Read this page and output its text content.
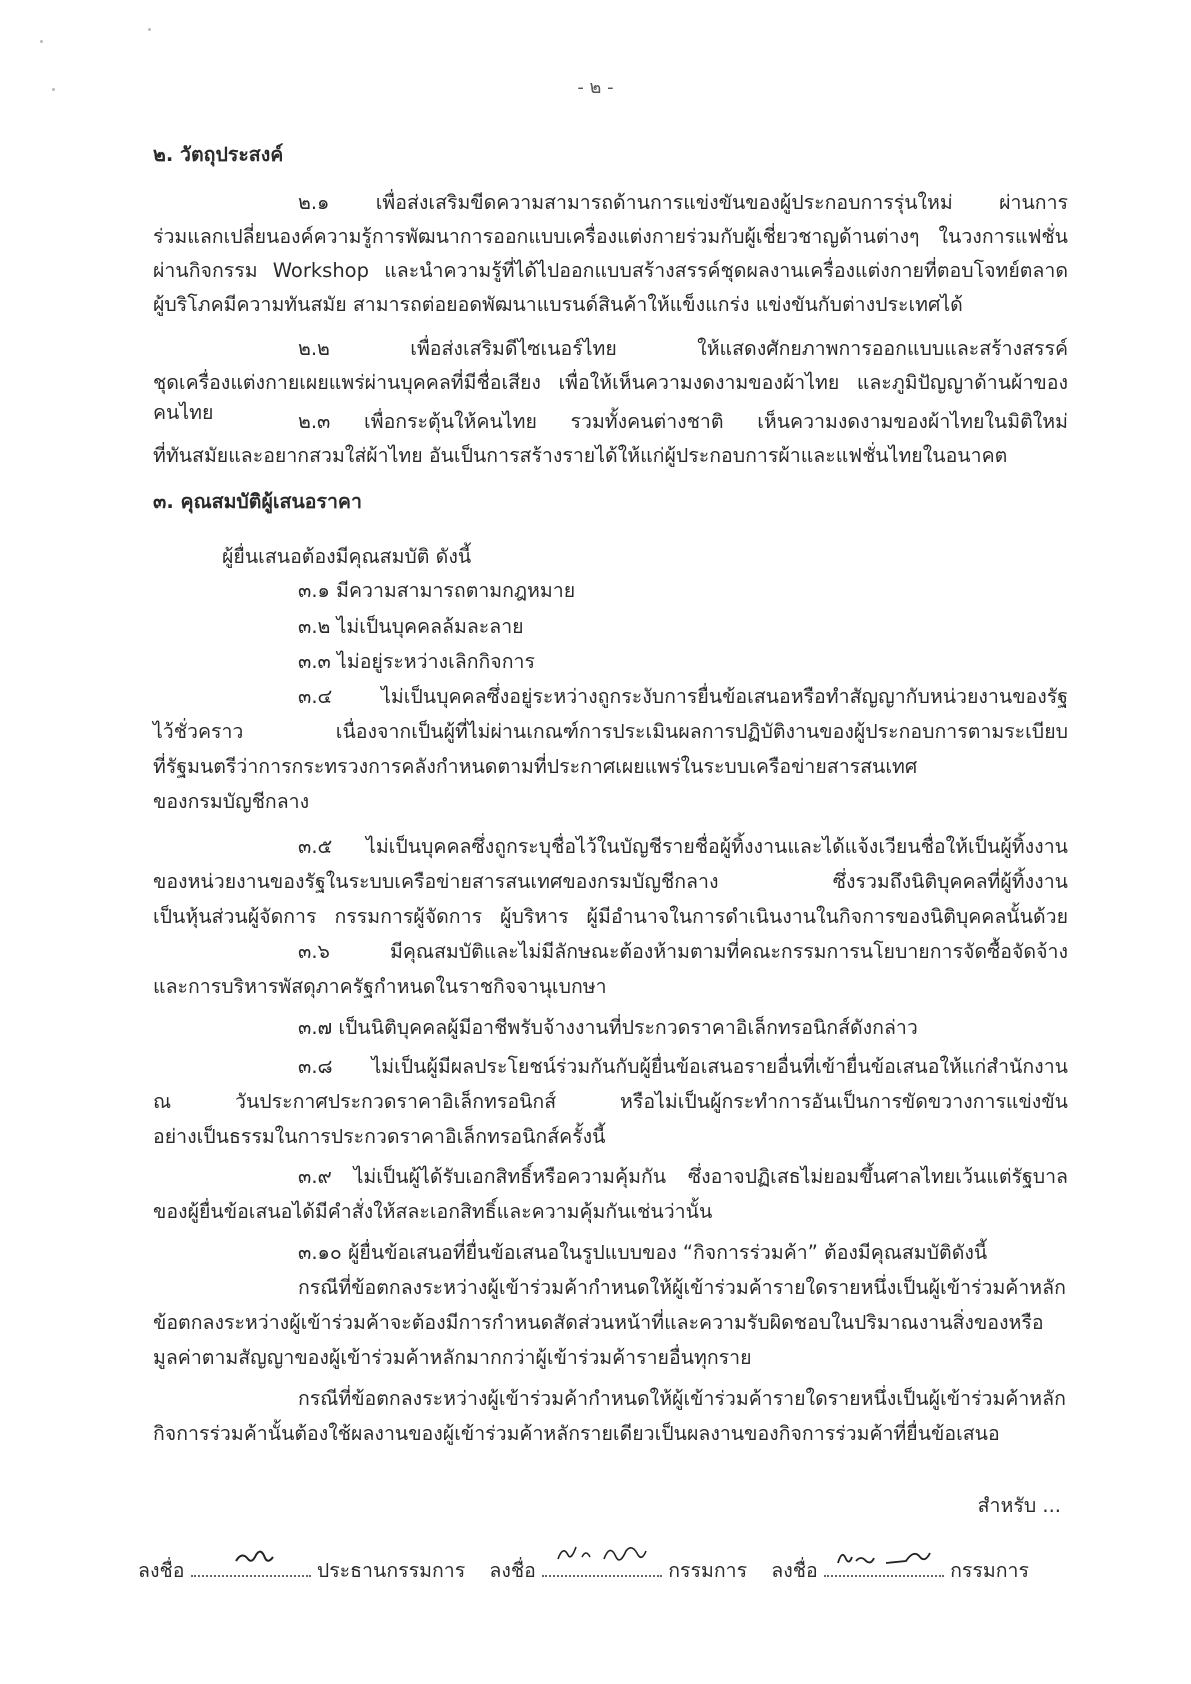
- ๒ -
๒. วัตถุประสงค์
๒.๑ เพื่อส่งเสริมขีดความสามารถด้านการแข่งขันของผู้ประกอบการรุ่นใหม่ ผ่านการ
ร่วมแลกเปลี่ยนองค์ความรู้การพัฒนาการออกแบบเครื่องแต่งกายร่วมกับผู้เชี่ยวชาญด้านต่างๆ ในวงการแฟชั่น
ผ่านกิจกรรม Workshop และนำความรู้ที่ได้ไปออกแบบสร้างสรรค์ชุดผลงานเครื่องแต่งกายที่ตอบโจทย์ตลาด
ผู้บริโภคมีความทันสมัย สามารถต่อยอดพัฒนาแบรนด์สินค้าให้แข็งแกร่ง แข่งขันกับต่างประเทศได้
๒.๒ เพื่อส่งเสริมดีไซเนอร์ไทย ให้แสดงศักยภาพการออกแบบและสร้างสรรค์
ชุดเครื่องแต่งกายเผยแพร่ผ่านบุคคลที่มีชื่อเสียง เพื่อให้เห็นความงดงามของผ้าไทย และภูมิปัญญาด้านผ้าของคนไทย	๒.๓ เพื่อกระตุ้นให้คนไทย รวมทั้งคนต่างชาติ เห็นความงดงามของผ้าไทยในมิติใหม่
ที่ทันสมัยและอยากสวมใส่ผ้าไทย อันเป็นการสร้างรายได้ให้แก่ผู้ประกอบการผ้าและแฟชั่นไทยในอนาคต
๓. คุณสมบัติผู้เสนอราคา
ผู้ยื่นเสนอต้องมีคุณสมบัติ ดังนี้
๓.๑ มีความสามารถตามกฎหมาย
๓.๒ ไม่เป็นบุคคลล้มละลาย
๓.๓ ไม่อยู่ระหว่างเลิกกิจการ
๓.๔ ไม่เป็นบุคคลซึ่งอยู่ระหว่างถูกระงับการยื่นข้อเสนอหรือทำสัญญากับหน่วยงานของรัฐ
ไว้ชั่วคราว เนื่องจากเป็นผู้ที่ไม่ผ่านเกณฑ์การประเมินผลการปฏิบัติงานของผู้ประกอบการตามระเบียบ
ที่รัฐมนตรีว่าการกระทรวงการคลังกำหนดตามที่ประกาศเผยแพร่ในระบบเครือข่ายสารสนเทศ
ของกรมบัญชีกลาง
๓.๕ ไม่เป็นบุคคลซึ่งถูกระบุชื่อไว้ในบัญชีรายชื่อผู้ทิ้งงานและได้แจ้งเวียนชื่อให้เป็นผู้ทิ้งงาน
ของหน่วยงานของรัฐในระบบเครือข่ายสารสนเทศของกรมบัญชีกลาง ซึ่งรวมถึงนิติบุคคลที่ผู้ทิ้งงาน
เป็นหุ้นส่วนผู้จัดการ กรรมการผู้จัดการ ผู้บริหาร ผู้มีอำนาจในการดำเนินงานในกิจการของนิติบุคคลนั้นด้วย
๓.๖ มีคุณสมบัติและไม่มีลักษณะต้องห้ามตามที่คณะกรรมการนโยบายการจัดซื้อจัดจ้าง
และการบริหารพัสดุภาครัฐกำหนดในราชกิจจานุเบกษา
๓.๗ เป็นนิติบุคคลผู้มีอาชีพรับจ้างงานที่ประกวดราคาอิเล็กทรอนิกส์ดังกล่าว
๓.๘ ไม่เป็นผู้มีผลประโยชน์ร่วมกันกับผู้ยื่นข้อเสนอรายอื่นที่เข้ายื่นข้อเสนอให้แก่สำนักงาน
ณ วันประกาศประกวดราคาอิเล็กทรอนิกส์ หรือไม่เป็นผู้กระทำการอันเป็นการขัดขวางการแข่งขัน
อย่างเป็นธรรมในการประกวดราคาอิเล็กทรอนิกส์ครั้งนี้
๓.๙ ไม่เป็นผู้ได้รับเอกสิทธิ์หรือความคุ้มกัน ซึ่งอาจปฏิเสธไม่ยอมขึ้นศาลไทยเว้นแต่รัฐบาล
ของผู้ยื่นข้อเสนอได้มีคำสั่งให้สละเอกสิทธิ์และความคุ้มกันเช่นว่านั้น
๓.๑๐ ผู้ยื่นข้อเสนอที่ยื่นข้อเสนอในรูปแบบของ “กิจการร่วมค้า” ต้องมีคุณสมบัติดังนี้
กรณีที่ข้อตกลงระหว่างผู้เข้าร่วมค้ากำหนดให้ผู้เข้าร่วมค้ารายใดรายหนึ่งเป็นผู้เข้าร่วมค้าหลัก
ข้อตกลงระหว่างผู้เข้าร่วมค้าจะต้องมีการกำหนดสัดส่วนหน้าที่และความรับผิดชอบในปริมาณงานสิ่งของหรือ
มูลค่าตามสัญญาของผู้เข้าร่วมค้าหลักมากกว่าผู้เข้าร่วมค้ารายอื่นทุกราย
กรณีที่ข้อตกลงระหว่างผู้เข้าร่วมค้ากำหนดให้ผู้เข้าร่วมค้ารายใดรายหนึ่งเป็นผู้เข้าร่วมค้าหลัก
กิจการร่วมค้านั้นต้องใช้ผลงานของผู้เข้าร่วมค้าหลักรายเดียวเป็นผลงานของกิจการร่วมค้าที่ยื่นข้อเสนอ
สำหรับ ...
ลงชื่อ	ประธานกรรมการ ลงชื่อ	กรรมการ ลงชื่อ	กรรมการ
